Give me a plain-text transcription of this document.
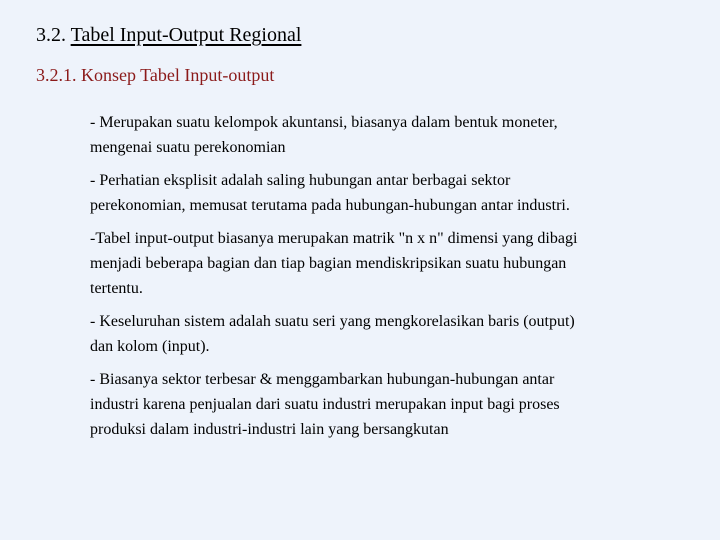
3.2. Tabel Input-Output Regional
3.2.1. Konsep Tabel Input-output
- Merupakan suatu kelompok akuntansi, biasanya dalam bentuk moneter,
mengenai suatu perekonomian
- Perhatian eksplisit adalah saling hubungan antar berbagai sektor
perekonomian, memusat terutama pada hubungan-hubungan antar industri.
-Tabel input-output biasanya merupakan matrik "n x n" dimensi yang dibagi
menjadi beberapa bagian dan tiap bagian mendiskripsikan suatu hubungan
tertentu.
- Keseluruhan sistem adalah suatu seri yang mengkorelasikan baris (output)
dan kolom (input).
- Biasanya sektor terbesar & menggambarkan hubungan-hubungan antar
industri karena penjualan dari suatu industri merupakan input bagi proses
produksi dalam industri-industri lain yang bersangkutan
